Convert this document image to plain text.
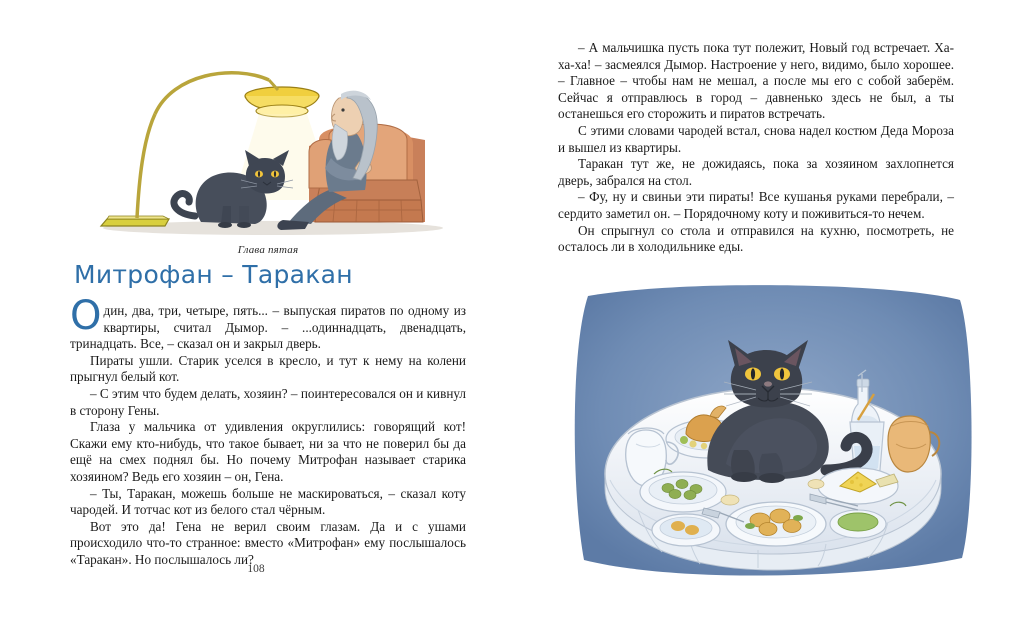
Глава пятая
Митрофан – Таракан

Один, два, три, четыре, пять... – выпуская пиратов по одному из квартиры, считал Дымор. – ...одиннадцать, двенадцать, тринадцать. Все, – сказал он и закрыл дверь.

Пираты ушли. Старик уселся в кресло, и тут к нему на колени прыгнул белый кот.

– С этим что будем делать, хозяин? – поинтересовался он и кивнул в сторону Гены.

Глаза у мальчика от удивления округлились: говорящий кот! Скажи ему кто-нибудь, что такое бывает, ни за что не поверил бы да ещё на смех поднял бы. Но почему Митрофан называет старика хозяином? Ведь его хозяин – он, Гена.

– Ты, Таракан, можешь больше не маскироваться, – сказал коту чародей. И тотчас кот из белого стал чёрным.

Вот это да! Гена не верил своим глазам. Да и с ушами происходило что-то странное: вместо «Митрофан» ему послышалось «Таракан». Но послышалось ли?

108

– А мальчишка пусть пока тут полежит, Новый год встречает. Ха-ха-ха! – засмеялся Дымор. Настроение у него, видимо, было хорошее. – Главное – чтобы нам не мешал, а после мы его с собой заберём. Сейчас я отправлюсь в город – давненько здесь не был, а ты останешься его сторожить и пиратов встречать.

С этими словами чародей встал, снова надел костюм Деда Мороза и вышел из квартиры.

Таракан тут же, не дожидаясь, пока за хозяином захлопнется дверь, забрался на стол.

– Фу, ну и свиньи эти пираты! Все кушанья руками перебрали, – сердито заметил он. – Порядочному коту и поживиться-то нечем.

Он спрыгнул со стола и отправился на кухню, посмотреть, не осталось ли в холодильнике еды.
